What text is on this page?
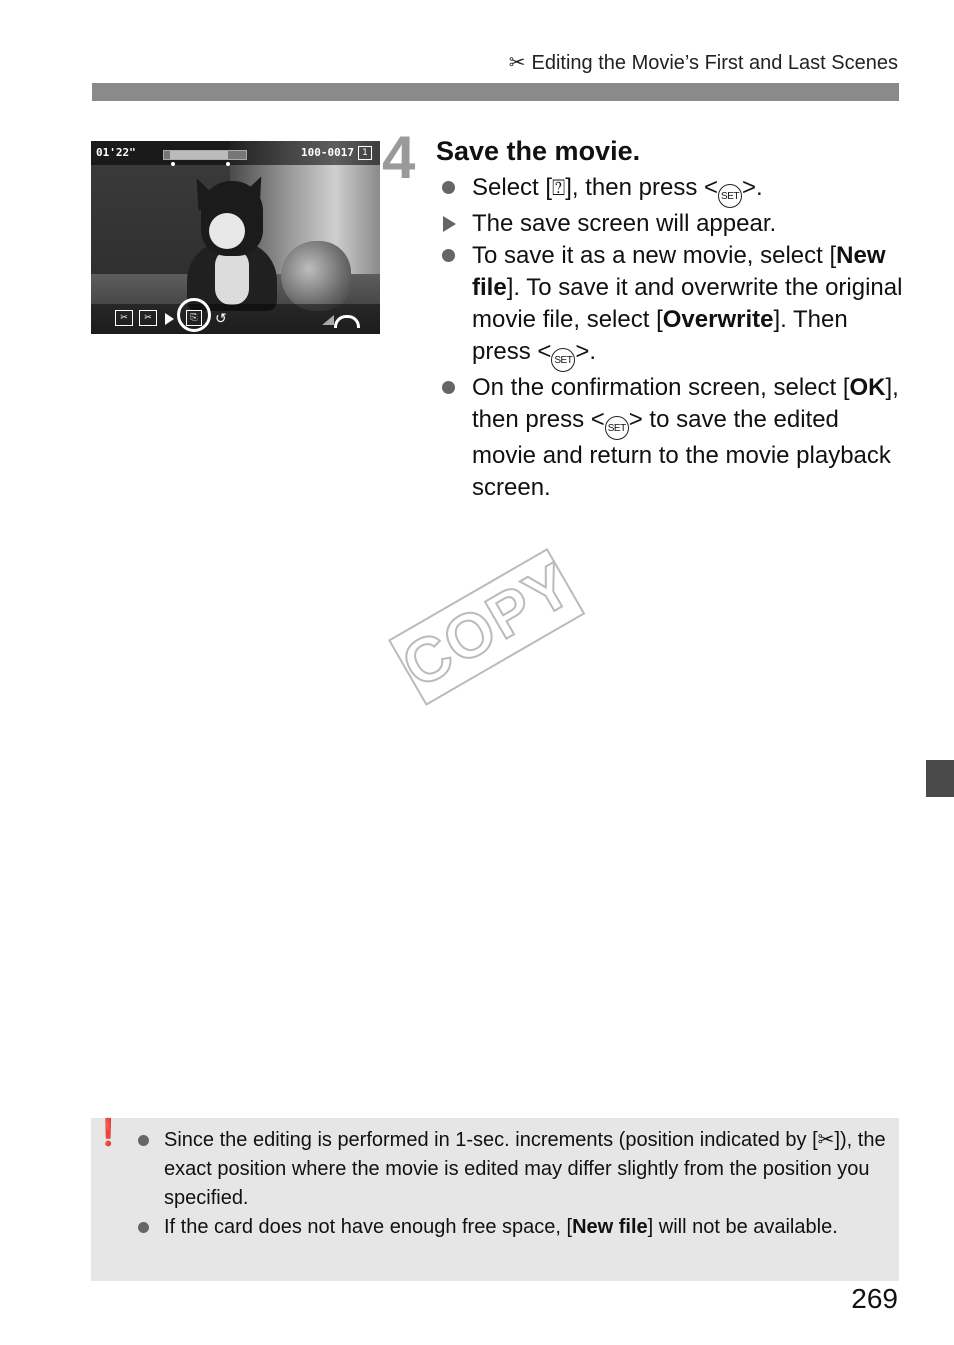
✂ Editing the Movie’s First and Last Scenes
01'22"	100-0017 1
✂	✂	⎘	↺
4 Save the movie.
Select [⍰], then press < SET >.
The save screen will appear.
To save it as a new movie, select [New file]. To save it and overwrite the original movie file, select [Overwrite]. Then press < SET >.
On the confirmation screen, select [OK], then press < SET > to save the edited movie and return to the movie playback screen.
COPY
❗	Since the editing is performed in 1-sec. increments (position indicated by [✂]), the exact position where the movie is edited may differ slightly from the position you specified.
If the card does not have enough free space, [New file] will not be available.
269
